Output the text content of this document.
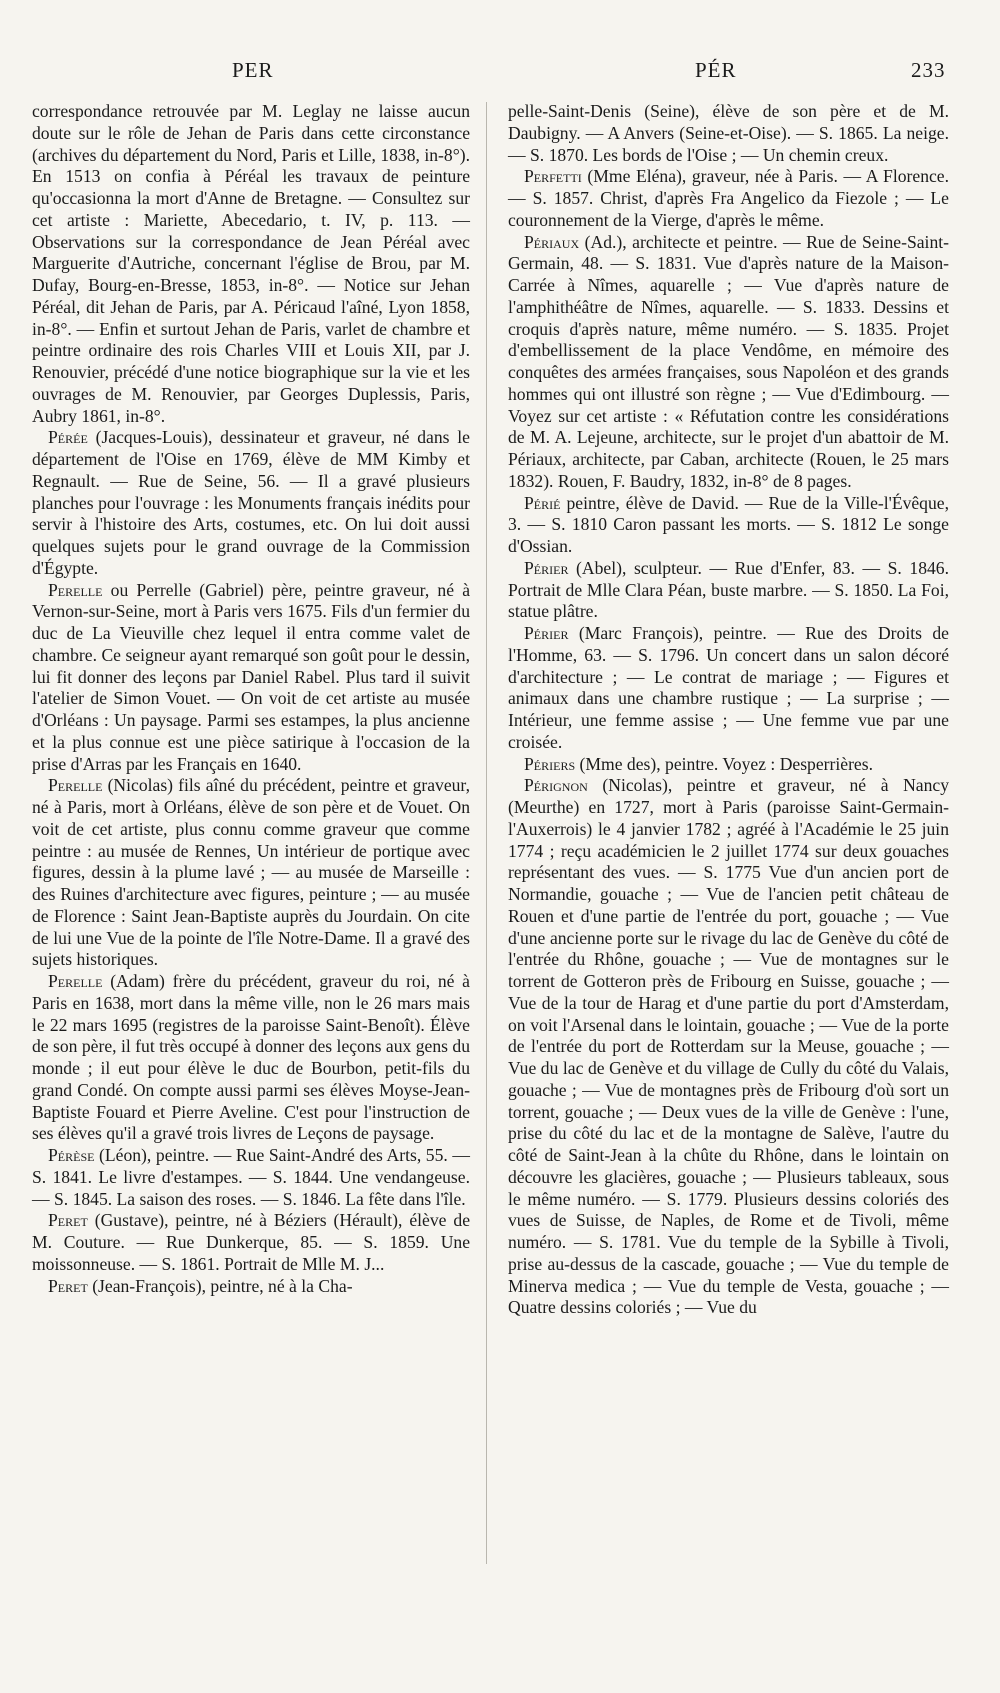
PER	PÉR	233

correspondance retrouvée par M. Leglay ne laisse aucun doute sur le rôle de Jehan de Paris dans cette circonstance (archives du département du Nord, Paris et Lille, 1838, in-8°). En 1513 on confia à Péréal les travaux de peinture qu'occasionna la mort d'Anne de Bretagne. — Consultez sur cet artiste : Mariette, Abecedario, t. IV, p. 113. — Observations sur la correspondance de Jean Péréal avec Marguerite d'Autriche, concernant l'église de Brou, par M. Dufay, Bourg-en-Bresse, 1853, in-8°. — Notice sur Jehan Péréal, dit Jehan de Paris, par A. Péricaud l'aîné, Lyon 1858, in-8°. — Enfin et surtout Jehan de Paris, varlet de chambre et peintre ordinaire des rois Charles VIII et Louis XII, par J. Renouvier, précédé d'une notice biographique sur la vie et les ouvrages de M. Renouvier, par Georges Duplessis, Paris, Aubry 1861, in-8°.

Pérée (Jacques-Louis), dessinateur et graveur, né dans le département de l'Oise en 1769, élève de MM Kimby et Regnault. — Rue de Seine, 56. — Il a gravé plusieurs planches pour l'ouvrage : les Monuments français inédits pour servir à l'histoire des Arts, costumes, etc. On lui doit aussi quelques sujets pour le grand ouvrage de la Commission d'Égypte.

Perelle ou Perrelle (Gabriel) père, peintre graveur, né à Vernon-sur-Seine, mort à Paris vers 1675. Fils d'un fermier du duc de La Vieuville chez lequel il entra comme valet de chambre. Ce seigneur ayant remarqué son goût pour le dessin, lui fit donner des leçons par Daniel Rabel. Plus tard il suivit l'atelier de Simon Vouet. — On voit de cet artiste au musée d'Orléans : Un paysage. Parmi ses estampes, la plus ancienne et la plus connue est une pièce satirique à l'occasion de la prise d'Arras par les Français en 1640.

Perelle (Nicolas) fils aîné du précédent, peintre et graveur, né à Paris, mort à Orléans, élève de son père et de Vouet. On voit de cet artiste, plus connu comme graveur que comme peintre : au musée de Rennes, Un intérieur de portique avec figures, dessin à la plume lavé ; — au musée de Marseille : des Ruines d'architecture avec figures, peinture ; — au musée de Florence : Saint Jean-Baptiste auprès du Jourdain. On cite de lui une Vue de la pointe de l'île Notre-Dame. Il a gravé des sujets historiques.

Perelle (Adam) frère du précédent, graveur du roi, né à Paris en 1638, mort dans la même ville, non le 26 mars mais le 22 mars 1695 (registres de la paroisse Saint-Benoît). Élève de son père, il fut très occupé à donner des leçons aux gens du monde ; il eut pour élève le duc de Bourbon, petit-fils du grand Condé. On compte aussi parmi ses élèves Moyse-Jean-Baptiste Fouard et Pierre Aveline. C'est pour l'instruction de ses élèves qu'il a gravé trois livres de Leçons de paysage.

Pérèse (Léon), peintre. — Rue Saint-André des Arts, 55. — S. 1841. Le livre d'estampes. — S. 1844. Une vendangeuse. — S. 1845. La saison des roses. — S. 1846. La fête dans l'île.

Peret (Gustave), peintre, né à Béziers (Hérault), élève de M. Couture. — Rue Dunkerque, 85. — S. 1859. Une moissonneuse. — S. 1861. Portrait de Mlle M. J...

Peret (Jean-François), peintre, né à la Cha-

pelle-Saint-Denis (Seine), élève de son père et de M. Daubigny. — A Anvers (Seine-et-Oise). — S. 1865. La neige. — S. 1870. Les bords de l'Oise ; — Un chemin creux.

Perfetti (Mme Eléna), graveur, née à Paris. — A Florence. — S. 1857. Christ, d'après Fra Angelico da Fiezole ; — Le couronnement de la Vierge, d'après le même.

Périaux (Ad.), architecte et peintre. — Rue de Seine-Saint-Germain, 48. — S. 1831. Vue d'après nature de la Maison-Carrée à Nîmes, aquarelle ; — Vue d'après nature de l'amphithéâtre de Nîmes, aquarelle. — S. 1833. Dessins et croquis d'après nature, même numéro. — S. 1835. Projet d'embellissement de la place Vendôme, en mémoire des conquêtes des armées françaises, sous Napoléon et des grands hommes qui ont illustré son règne ; — Vue d'Edimbourg. — Voyez sur cet artiste : « Réfutation contre les considérations de M. A. Lejeune, architecte, sur le projet d'un abattoir de M. Périaux, architecte, par Caban, architecte (Rouen, le 25 mars 1832). Rouen, F. Baudry, 1832, in-8° de 8 pages.

Périé peintre, élève de David. — Rue de la Ville-l'Évêque, 3. — S. 1810 Caron passant les morts. — S. 1812 Le songe d'Ossian.

Périer (Abel), sculpteur. — Rue d'Enfer, 83. — S. 1846. Portrait de Mlle Clara Péan, buste marbre. — S. 1850. La Foi, statue plâtre.

Périer (Marc François), peintre. — Rue des Droits de l'Homme, 63. — S. 1796. Un concert dans un salon décoré d'architecture ; — Le contrat de mariage ; — Figures et animaux dans une chambre rustique ; — La surprise ; — Intérieur, une femme assise ; — Une femme vue par une croisée.

Périers (Mme des), peintre. Voyez : Desperrières.

Pérignon (Nicolas), peintre et graveur, né à Nancy (Meurthe) en 1727, mort à Paris (paroisse Saint-Germain-l'Auxerrois) le 4 janvier 1782 ; agréé à l'Académie le 25 juin 1774 ; reçu académicien le 2 juillet 1774 sur deux gouaches représentant des vues. — S. 1775 Vue d'un ancien port de Normandie, gouache ; — Vue de l'ancien petit château de Rouen et d'une partie de l'entrée du port, gouache ; — Vue d'une ancienne porte sur le rivage du lac de Genève du côté de l'entrée du Rhône, gouache ; — Vue de montagnes sur le torrent de Gotteron près de Fribourg en Suisse, gouache ; — Vue de la tour de Harag et d'une partie du port d'Amsterdam, on voit l'Arsenal dans le lointain, gouache ; — Vue de la porte de l'entrée du port de Rotterdam sur la Meuse, gouache ; — Vue du lac de Genève et du village de Cully du côté du Valais, gouache ; — Vue de montagnes près de Fribourg d'où sort un torrent, gouache ; — Deux vues de la ville de Genève : l'une, prise du côté du lac et de la montagne de Salève, l'autre du côté de Saint-Jean à la chûte du Rhône, dans le lointain on découvre les glacières, gouache ; — Plusieurs tableaux, sous le même numéro. — S. 1779. Plusieurs dessins coloriés des vues de Suisse, de Naples, de Rome et de Tivoli, même numéro. — S. 1781. Vue du temple de la Sybille à Tivoli, prise au-dessus de la cascade, gouache ; — Vue du temple de Minerva medica ; — Vue du temple de Vesta, gouache ; — Quatre dessins coloriés ; — Vue du
